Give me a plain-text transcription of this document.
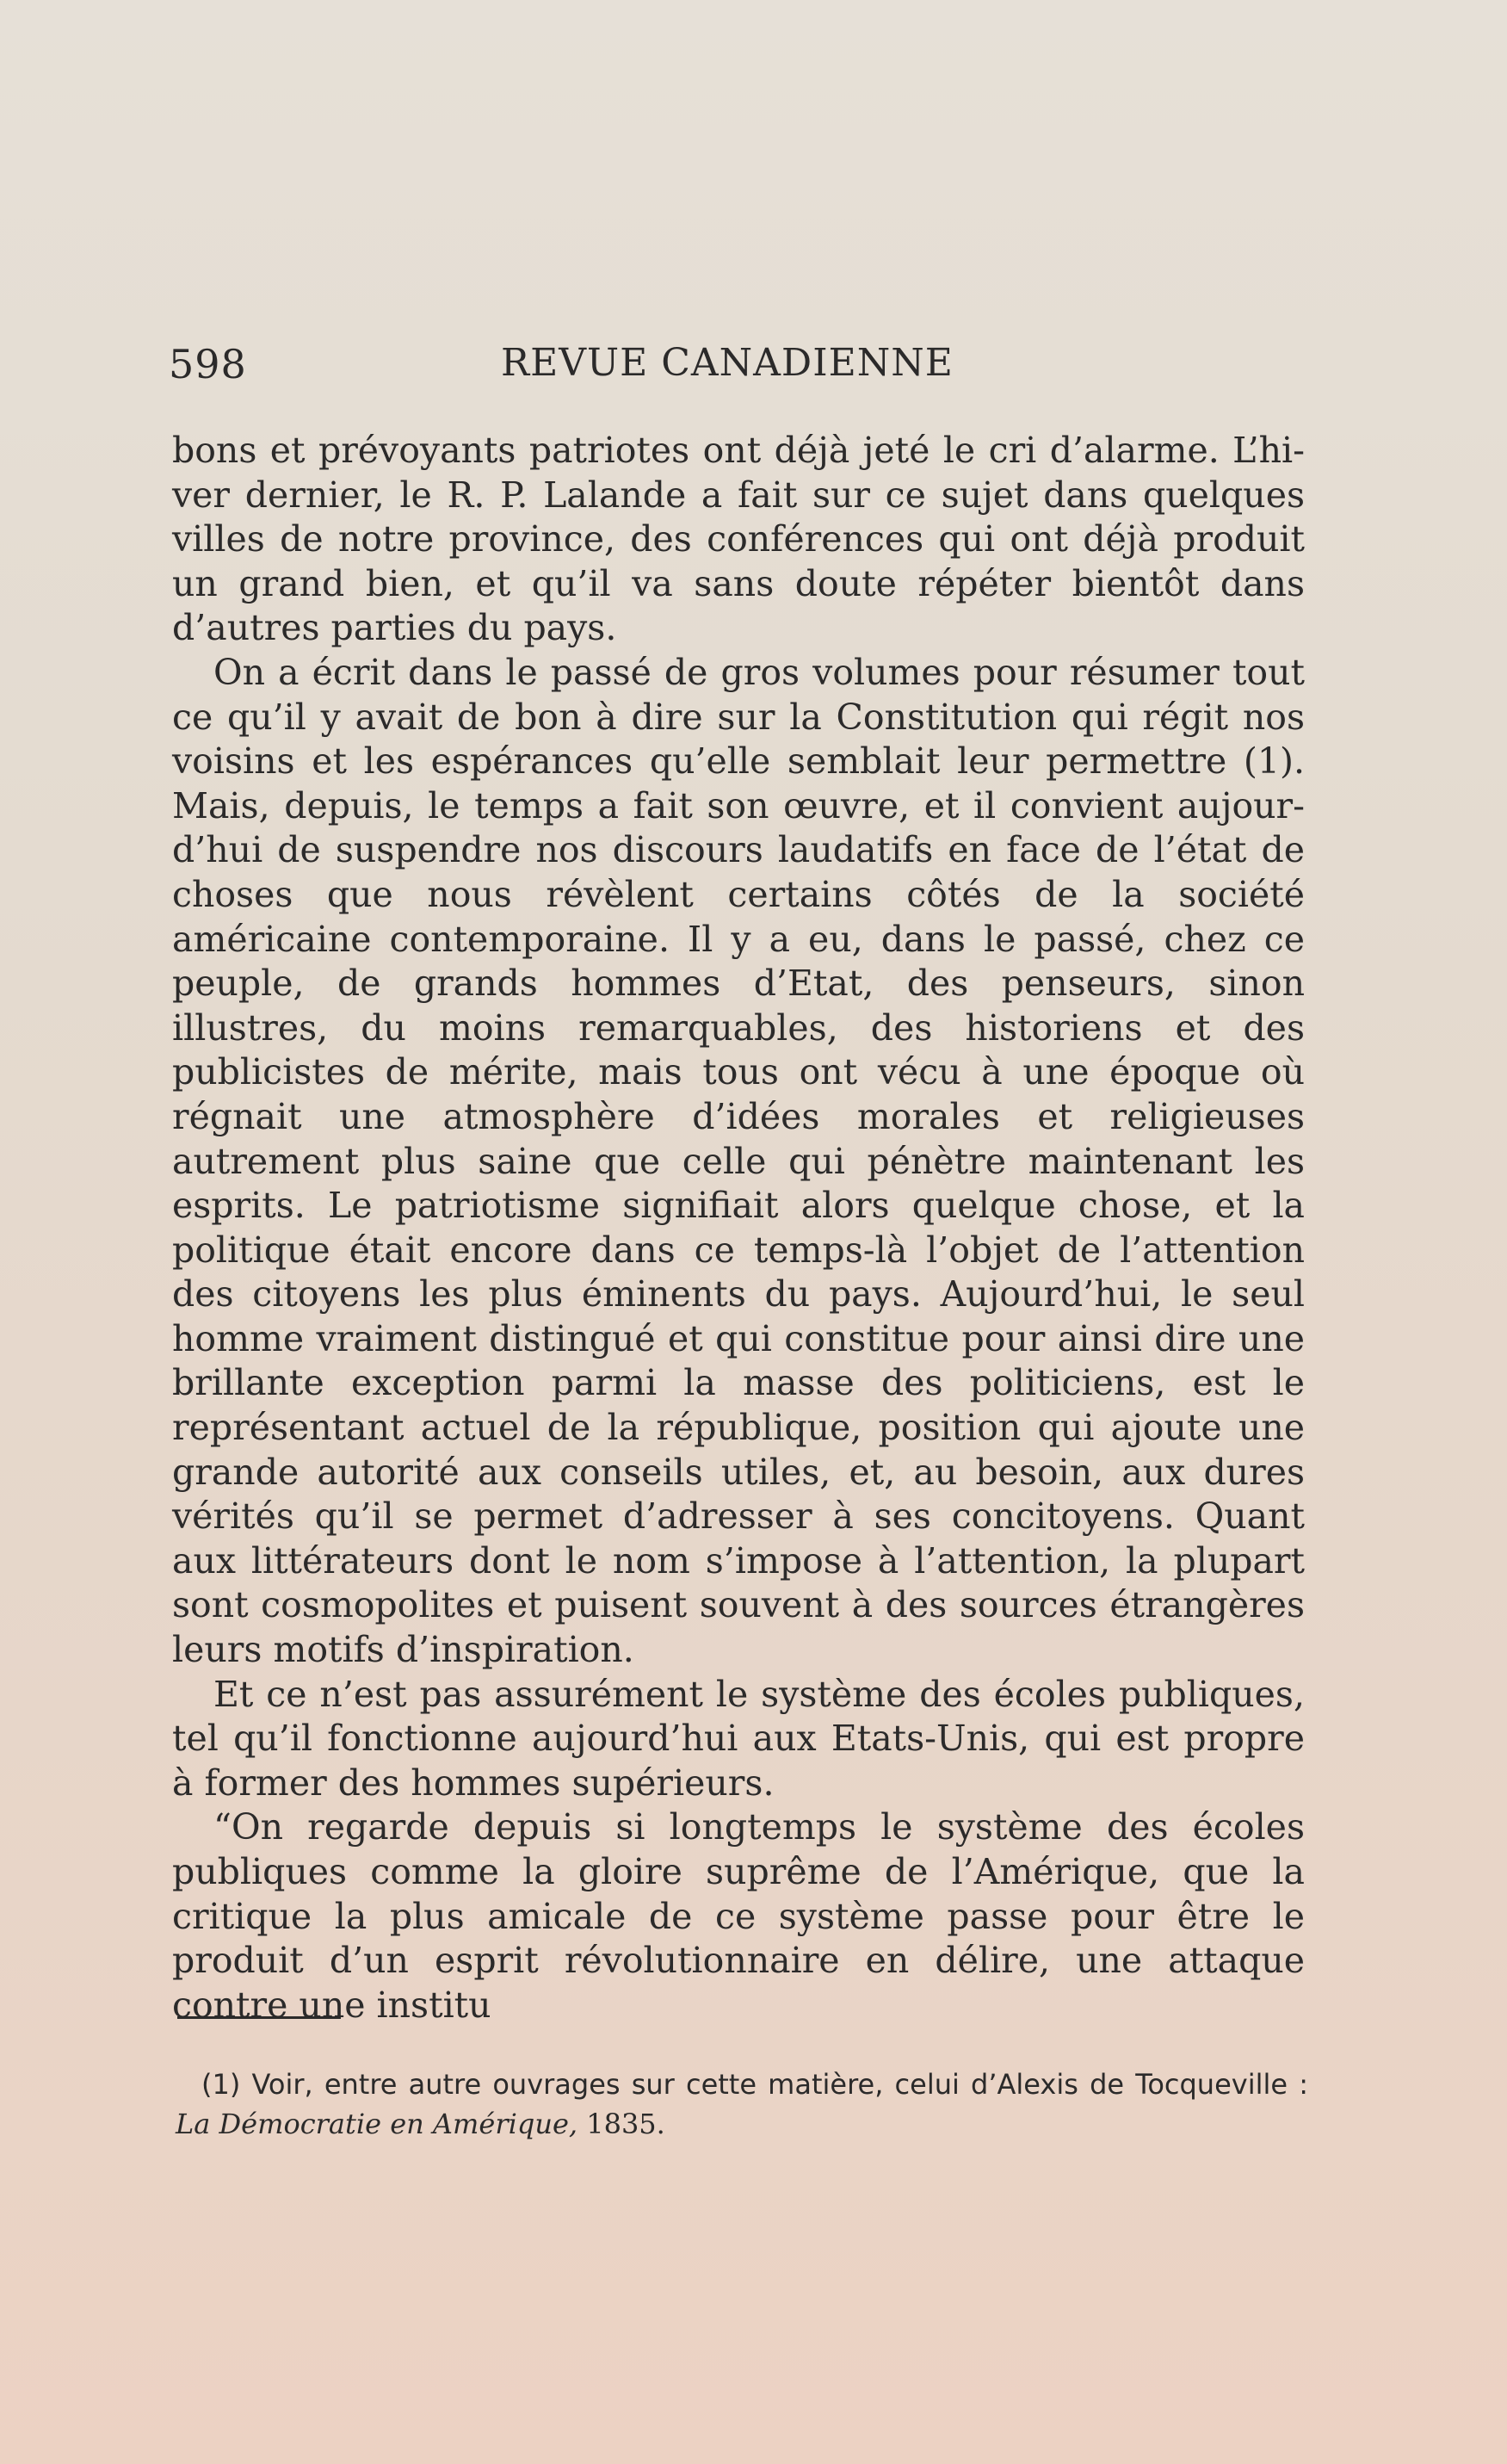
598	REVUE CANADIENNE

bons et prévoyants patriotes ont déjà jeté le cri d’alarme. L’hiver dernier, le R. P. Lalande a fait sur ce sujet dans quelques villes de notre province, des conférences qui ont déjà produit un grand bien, et qu’il va sans doute répéter bientôt dans d’autres parties du pays.

On a écrit dans le passé de gros volumes pour résumer tout ce qu’il y avait de bon à dire sur la Constitution qui régit nos voisins et les espérances qu’elle semblait leur permettre (1). Mais, depuis, le temps a fait son œuvre, et il convient aujourd’hui de suspendre nos discours laudatifs en face de l’état de choses que nous révèlent certains côtés de la société américaine contemporaine. Il y a eu, dans le passé, chez ce peuple, de grands hommes d’Etat, des penseurs, sinon illustres, du moins remarquables, des historiens et des publicistes de mérite, mais tous ont vécu à une époque où régnait une atmosphère d’idées morales et religieuses autrement plus saine que celle qui pénètre maintenant les esprits. Le patriotisme signifiait alors quelque chose, et la politique était encore dans ce temps-là l’objet de l’attention des citoyens les plus éminents du pays. Aujourd’hui, le seul homme vraiment distingué et qui constitue pour ainsi dire une brillante exception parmi la masse des politiciens, est le représentant actuel de la république, position qui ajoute une grande autorité aux conseils utiles, et, au besoin, aux dures vérités qu’il se permet d’adresser à ses concitoyens. Quant aux littérateurs dont le nom s’impose à l’attention, la plupart sont cosmopolites et puisent souvent à des sources étrangères leurs motifs d’inspiration.

Et ce n’est pas assurément le système des écoles publiques, tel qu’il fonctionne aujourd’hui aux Etats-Unis, qui est propre à former des hommes supérieurs.

“On regarde depuis si longtemps le système des écoles publiques comme la gloire suprême de l’Amérique, que la critique la plus amicale de ce système passe pour être le produit d’un esprit révolutionnaire en délire, une attaque contre une institu

(1) Voir, entre autre ouvrages sur cette matière, celui d’Alexis de Tocqueville : La Démocratie en Amérique, 1835.
